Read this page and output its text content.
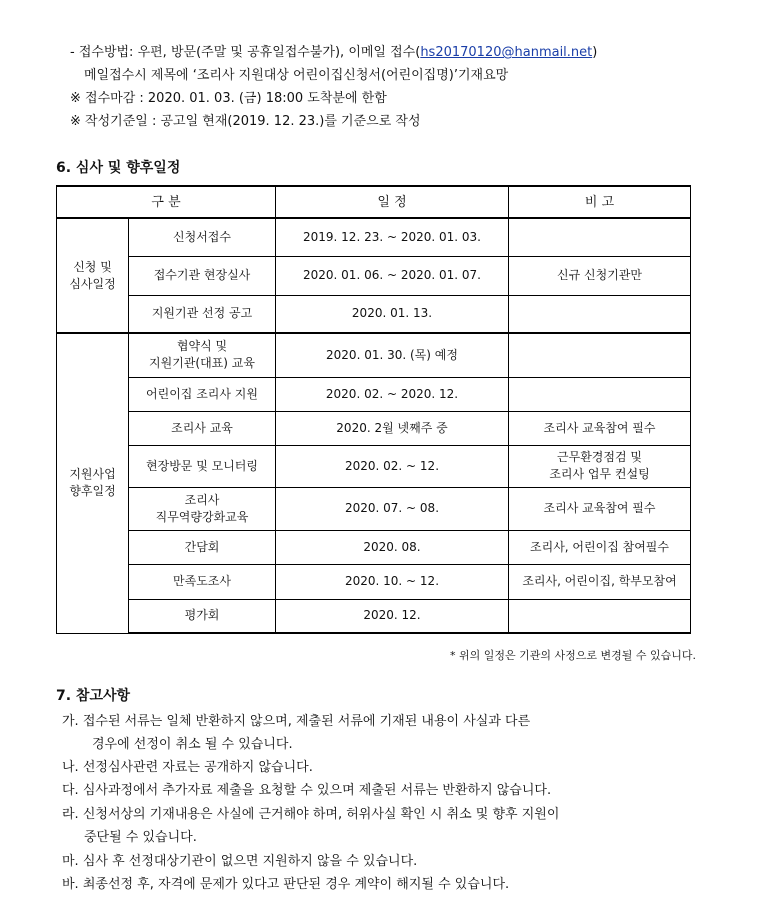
- 접수방법: 우편, 방문(주말 및 공휴일접수불가), 이메일 접수(hs20170120@hanmail.net)
메일접수시 제목에 ‘조리사 지원대상 어린이집신청서(어린이집명)’기재요망
※ 접수마감 : 2020. 01. 03. (금) 18:00 도착분에 한함
※ 작성기준일 : 공고일 현재(2019. 12. 23.)를 기준으로 작성
6. 심사 및 향후일정
구 분		일 정	비 고
신청 및
심사일정	신청서접수	2019. 12. 23. ~ 2020. 01. 03.	
	접수기관 현장실사	2020. 01. 06. ~ 2020. 01. 07.	신규 신청기관만
	지원기관 선정 공고	2020. 01. 13.	
지원사업
향후일정	협약식 및
지원기관(대표) 교육	2020. 01. 30. (목) 예정	
	어린이집 조리사 지원	2020. 02. ~ 2020. 12.	
	조리사 교육	2020. 2월 넷째주 중	조리사 교육참여 필수
	현장방문 및 모니터링	2020. 02. ~ 12.	근무환경점검 및
조리사 업무 컨설팅
	조리사
직무역량강화교육	2020. 07. ~ 08.	조리사 교육참여 필수
	간담회	2020. 08.	조리사, 어린이집 참여필수
	만족도조사	2020. 10. ~ 12.	조리사, 어린이집, 학부모참여
	평가회	2020. 12.	
* 위의 일정은 기관의 사정으로 변경될 수 있습니다.
7. 참고사항
가. 접수된 서류는 일체 반환하지 않으며, 제출된 서류에 기재된 내용이 사실과 다른
경우에 선정이 취소 될 수 있습니다.
나. 선정심사관련 자료는 공개하지 않습니다.
다. 심사과정에서 추가자료 제출을 요청할 수 있으며 제출된 서류는 반환하지 않습니다.
라. 신청서상의 기재내용은 사실에 근거해야 하며, 허위사실 확인 시 취소 및 향후 지원이
중단될 수 있습니다.
마. 심사 후 선정대상기관이 없으면 지원하지 않을 수 있습니다.
바. 최종선정 후, 자격에 문제가 있다고 판단된 경우 계약이 해지될 수 있습니다.
